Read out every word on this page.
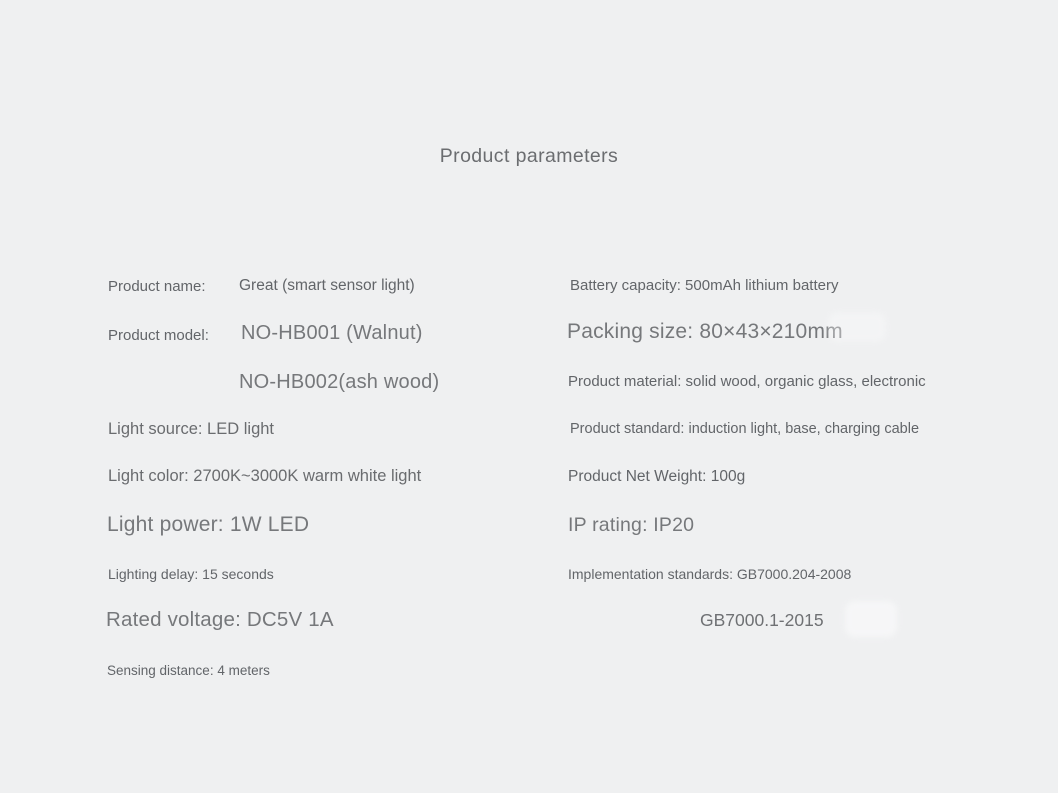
Product parameters
Product name: Great (smart sensor light)
Product model: NO-HB001 (Walnut)
NO-HB002(ash wood)
Light source: LED light
Light color: 2700K~3000K warm white light
Light power: 1W LED
Lighting delay: 15 seconds
Rated voltage: DC5V 1A
Sensing distance: 4 meters
Battery capacity: 500mAh lithium battery
Packing size: 80×43×210mm
Product material: solid wood, organic glass, electronic
Product standard: induction light, base, charging cable
Product Net Weight: 100g
IP rating: IP20
Implementation standards: GB7000.204-2008
GB7000.1-2015
